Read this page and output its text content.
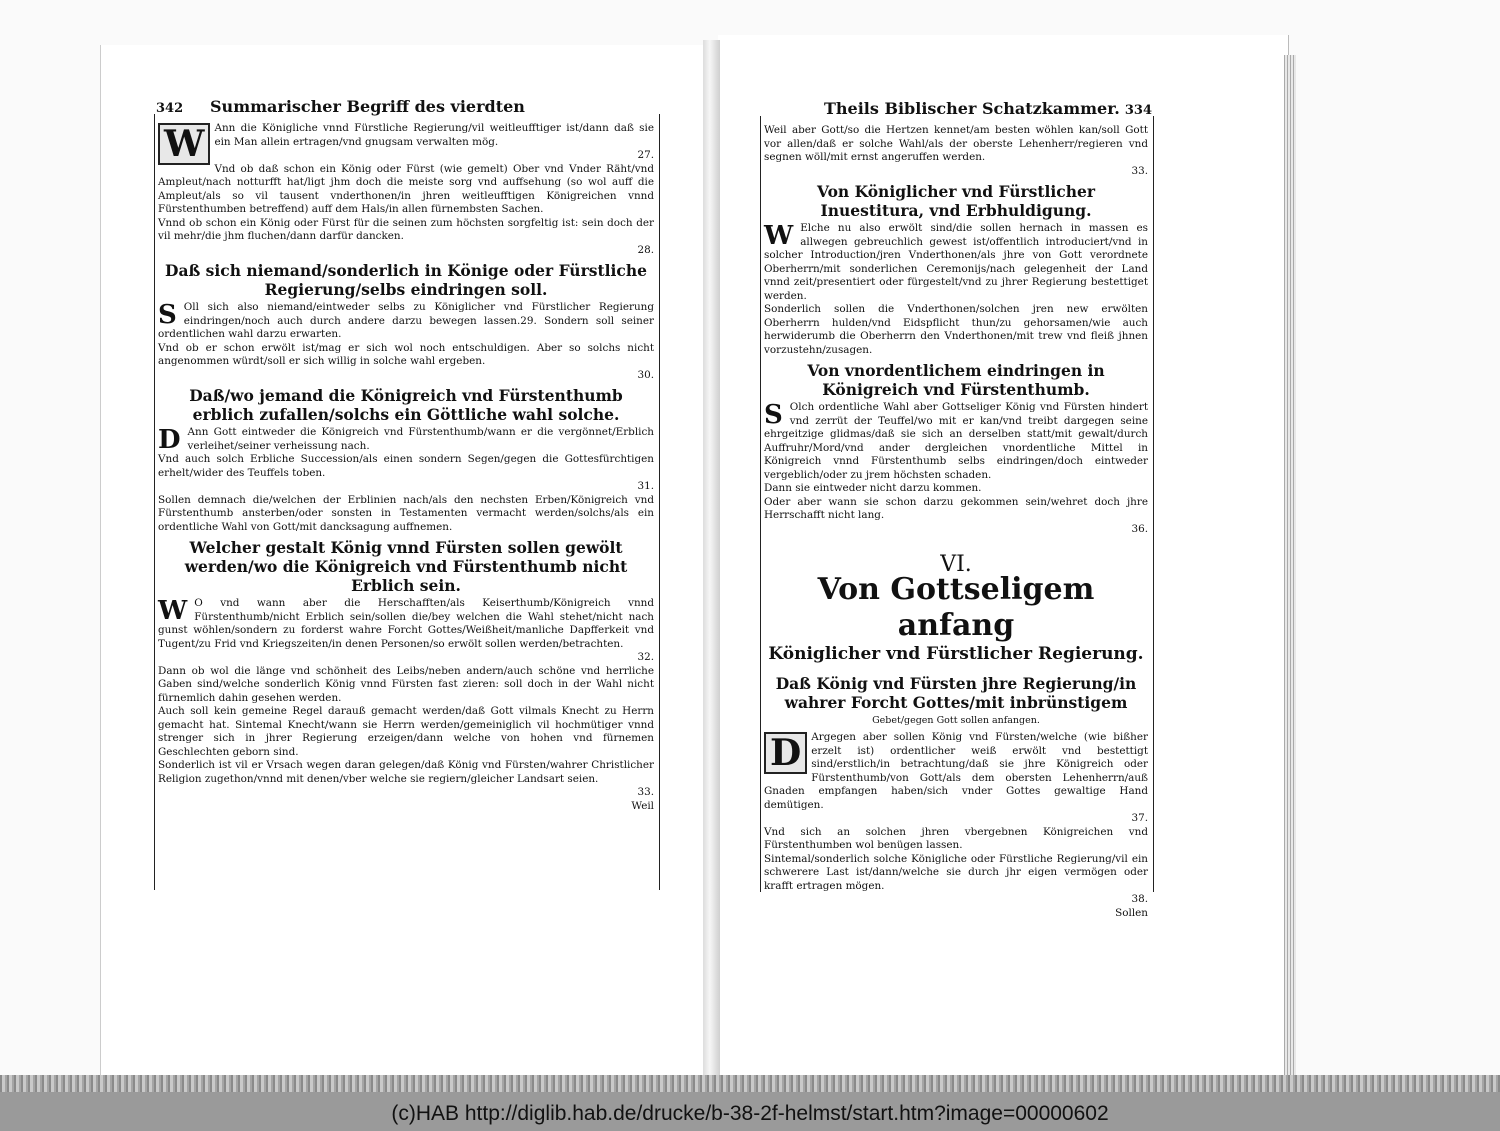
342 Summarischer Begriff des vierdten
W Ann die Königliche vnnd Fürstliche Regierung/vil weitleufftiger ist/dann daß sie ein Man allein ertragen/vnd gnugsam verwalten mög.

27.

Vnd ob daß schon ein König oder Fürst (wie gemelt) Ober vnd Vnder Räht/vnd Ampleut/nach notturfft hat/ligt jhm doch die meiste sorg vnd auffsehung (so wol auff die Ampleut/als so vil tausent vnderthonen/in jhren weitleufftigen Königreichen vnnd Fürstenthumben betreffend) auff dem Hals/in allen fürnembsten Sachen.

Vnnd ob schon ein König oder Fürst für die seinen zum höchsten sorgfeltig ist: sein doch der vil mehr/die jhm fluchen/dann darfür dancken.

28.

Daß sich niemand/sonderlich in Könige oder Fürstliche Regierung/selbs eindringen soll.

S Oll sich also niemand/eintweder selbs zu Königlicher vnd Fürstlicher Regierung eindringen/noch auch durch andere darzu bewegen lassen.29. Sondern soll seiner ordentlichen wahl darzu erwarten.

Vnd ob er schon erwölt ist/mag er sich wol noch entschuldigen. Aber so solchs nicht angenommen würdt/soll er sich willig in solche wahl ergeben.

30.

Daß/wo jemand die Königreich vnd Fürstenthumb erblich zufallen/solchs ein Göttliche wahl solche.

D Ann Gott eintweder die Königreich vnd Fürstenthumb/wann er die vergönnet/Erblich verleihet/seiner verheissung nach.

Vnd auch solch Erbliche Succession/als einen sondern Segen/gegen die Gottesfürchtigen erhelt/wider des Teuffels toben.

31.

Sollen demnach die/welchen der Erblinien nach/als den nechsten Erben/Königreich vnd Fürstenthumb ansterben/oder sonsten in Testamenten vermacht werden/solchs/als ein ordentliche Wahl von Gott/mit dancksagung auffnemen.

Welcher gestalt König vnnd Fürsten sollen gewölt werden/wo die Königreich vnd Fürstenthumb nicht Erblich sein.

W O vnd wann aber die Herschafften/als Keiserthumb/Königreich vnnd Fürstenthumb/nicht Erblich sein/sollen die/bey welchen die Wahl stehet/nicht nach gunst wöhlen/sondern zu forderst wahre Forcht Gottes/Weißheit/manliche Dapfferkeit vnd Tugent/zu Frid vnd Kriegszeiten/in denen Personen/so erwölt sollen werden/betrachten.

32.

Dann ob wol die länge vnd schönheit des Leibs/neben andern/auch schöne vnd herrliche Gaben sind/welche sonderlich König vnnd Fürsten fast zieren: soll doch in der Wahl nicht fürnemlich dahin gesehen werden.

Auch soll kein gemeine Regel darauß gemacht werden/daß Gott vilmals Knecht zu Herrn gemacht hat. Sintemal Knecht/wann sie Herrn werden/gemeiniglich vil hochmütiger vnnd strenger sich in jhrer Regierung erzeigen/dann welche von hohen vnd fürnemen Geschlechten geborn sind.

Sonderlich ist vil er Vrsach wegen daran gelegen/daß König vnd Fürsten/wahrer Christlicher Religion zugethon/vnnd mit denen/vber welche sie regiern/gleicher Landsart seien.

33.

Weil

Theils Biblischer Schatzkammer. 334

Weil aber Gott/so die Hertzen kennet/am besten wöhlen kan/soll Gott vor allen/daß er solche Wahl/als der oberste Lehenherr/regieren vnd segnen wöll/mit ernst angeruffen werden.

33.

Von Königlicher vnd Fürstlicher Inuestitura, vnd Erbhuldigung.

W Elche nu also erwölt sind/die sollen hernach in massen es allwegen gebreuchlich gewest ist/offentlich introduciert/vnd in solcher Introduction/jren Vnderthonen/als jhre von Gott verordnete Oberherrn/mit sonderlichen Ceremonijs/nach gelegenheit der Land vnnd zeit/presentiert oder fürgestelt/vnd zu jhrer Regierung bestettiget werden.

Sonderlich sollen die Vnderthonen/solchen jren new erwölten Oberherrn hulden/vnd Eidspflicht thun/zu gehorsamen/wie auch herwiderumb die Oberherrn den Vnderthonen/mit trew vnd fleiß jhnen vorzustehn/zusagen.

Von vnordentlichem eindringen in Königreich vnd Fürstenthumb.

S Olch ordentliche Wahl aber Gottseliger König vnd Fürsten hindert vnd zerrüt der Teuffel/wo mit er kan/vnd treibt dargegen seine ehrgeitzige glidmas/daß sie sich an derselben statt/mit gewalt/durch Auffruhr/Mord/vnd ander dergleichen vnordentliche Mittel in Königreich vnnd Fürstenthumb selbs eindringen/doch eintweder vergeblich/oder zu jrem höchsten schaden.

Dann sie eintweder nicht darzu kommen.

Oder aber wann sie schon darzu gekommen sein/wehret doch jhre Herrschafft nicht lang.

36.

VI.

Von Gottseligem anfang

Königlicher vnd Fürstlicher Regierung.

Daß König vnd Fürsten jhre Regierung/in wahrer Forcht Gottes/mit inbrünstigem

Gebet/gegen Gott sollen anfangen.

D Argegen aber sollen König vnd Fürsten/welche (wie bißher erzelt ist) ordentlicher weiß erwölt vnd bestettigt sind/erstlich/in betrachtung/daß sie jhre Königreich oder Fürstenthumb/von Gott/als dem obersten Lehenherrn/auß Gnaden empfangen haben/sich vnder Gottes gewaltige Hand demütigen.

37.

Vnd sich an solchen jhren vbergebnen Königreichen vnd Fürstenthumben wol benügen lassen.

Sintemal/sonderlich solche Königliche oder Fürstliche Regierung/vil ein schwerere Last ist/dann/welche sie durch jhr eigen vermögen oder krafft ertragen mögen.

38.

Sollen

(c)HAB http://diglib.hab.de/drucke/b-38-2f-helmst/start.htm?image=00000602
